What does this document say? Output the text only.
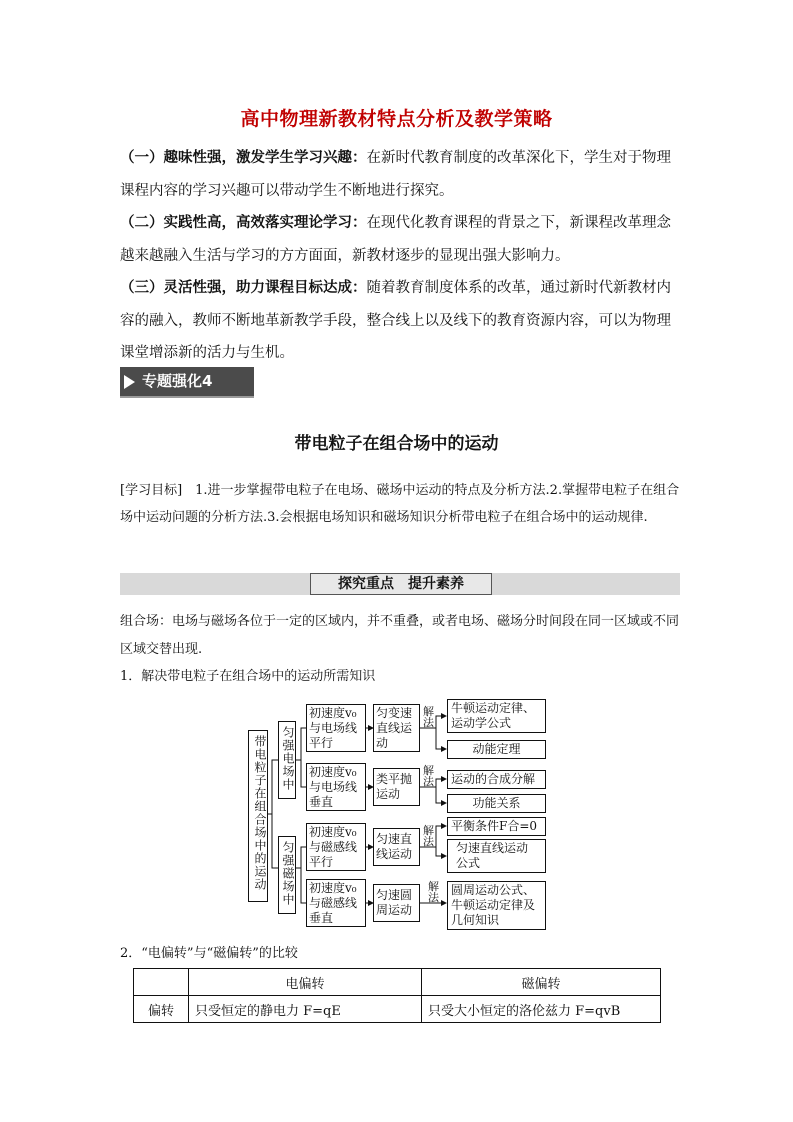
高中物理新教材特点分析及教学策略
（一）趣味性强，激发学生学习兴趣：在新时代教育制度的改革深化下，学生对于物理课程内容的学习兴趣可以带动学生不断地进行探究。
（二）实践性高，高效落实理论学习：在现代化教育课程的背景之下，新课程改革理念越来越融入生活与学习的方方面面，新教材逐步的显现出强大影响力。
（三）灵活性强，助力课程目标达成：随着教育制度体系的改革，通过新时代新教材内容的融入，教师不断地革新教学手段，整合线上以及线下的教育资源内容，可以为物理课堂增添新的活力与生机。
专题强化4
带电粒子在组合场中的运动
[学习目标]　1.进一步掌握带电粒子在电场、磁场中运动的特点及分析方法.2.掌握带电粒子在组合场中运动问题的分析方法.3.会根据电场知识和磁场知识分析带电粒子在组合场中的运动规律.
探究重点　提升素养
组合场：电场与磁场各位于一定的区域内，并不重叠，或者电场、磁场分时间段在同一区域或不同区域交替出现.
1．解决带电粒子在组合场中的运动所需知识
带电粒子在组合场中的运动 匀强电场中
匀强磁场中
初速度v₀与电场线平行
初速度v₀与电场线垂直
初速度v₀与磁感线平行
初速度v₀与磁感线垂直
匀变速直线运动
类平抛运动
匀速直线运动
匀速圆周运动
解法
解法
解法
解法
牛顿运动定律、运动学公式
动能定理
运动的合成分解
功能关系
平衡条件F合=0
匀速直线运动公式
圆周运动公式、牛顿运动定律及几何知识
2．“电偏转”与“磁偏转”的比较
	电偏转	磁偏转
偏转	只受恒定的静电力 F=qE	只受大小恒定的洛伦兹力 F=qvB
